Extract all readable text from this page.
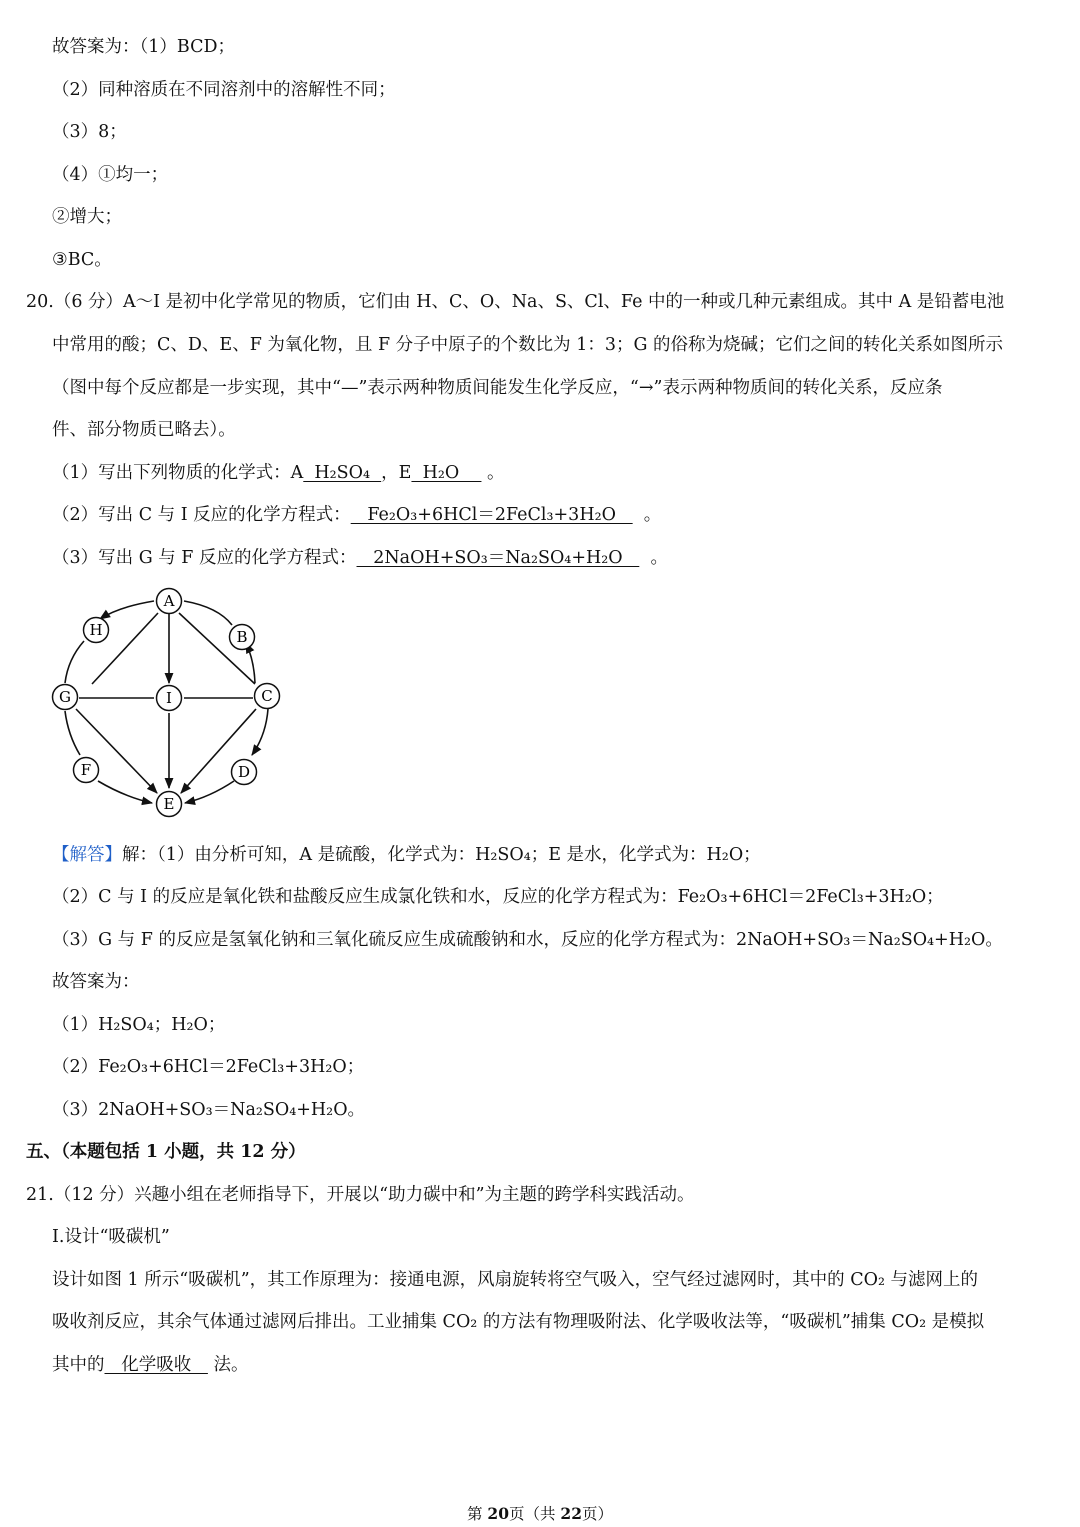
故答案为： （1）BCD；
（2）同种溶质在不同溶剂中的溶解性不同；
（3）8；
（4）①均一；
②增大；
③BC。
20.（6 分）A～I 是初中化学常见的物质，它们由 H、C、O、Na、S、Cl、Fe 中的一种或几种元素组成。其中 A 是铅蓄电池
中常用的酸；C、D、E、F 为氧化物，且 F 分子中原子的个数比为 1：3；G 的俗称为烧碱；它们之间的转化关系如图所示
（图中每个反应都是一步实现，其中“—”表示两种物质间能发生化学反应，“→”表示两种物质间的转化关系，反应条
件、部分物质已略去）。
（1）写出下列物质的化学式：A  H₂SO₄  ，E  H₂O     。
（2）写出 C 与 I 反应的化学方程式：   Fe₂O₃+6HCl＝2FeCl₃+3H₂O     。
（3）写出 G 与 F 反应的化学方程式：   2NaOH+SO₃＝Na₂SO₄+H₂O     。
A
B
C
D
E
F
G
H
I
【解答】解：（1）由分析可知，A 是硫酸，化学式为：H₂SO₄；E 是水，化学式为：H₂O；
（2）C 与 I 的反应是氧化铁和盐酸反应生成氯化铁和水，反应的化学方程式为：Fe₂O₃+6HCl＝2FeCl₃+3H₂O；
（3）G 与 F 的反应是氢氧化钠和三氧化硫反应生成硫酸钠和水，反应的化学方程式为：2NaOH+SO₃＝Na₂SO₄+H₂O。
故答案为：
（1）H₂SO₄；H₂O；
（2）Fe₂O₃+6HCl＝2FeCl₃+3H₂O；
（3）2NaOH+SO₃＝Na₂SO₄+H₂O。
五、（本题包括 1 小题，共 12 分）
21.（12 分）兴趣小组在老师指导下，开展以“助力碳中和”为主题的跨学科实践活动。
Ⅰ.设计“吸碳机”
设计如图 1 所示“吸碳机”，其工作原理为：接通电源，风扇旋转将空气吸入，空气经过滤网时，其中的 CO₂ 与滤网上的
吸收剂反应，其余气体通过滤网后排出。工业捕集 CO₂ 的方法有物理吸附法、化学吸收法等，“吸碳机”捕集 CO₂ 是模拟
其中的   化学吸收    法。
第 20页（共 22页）
